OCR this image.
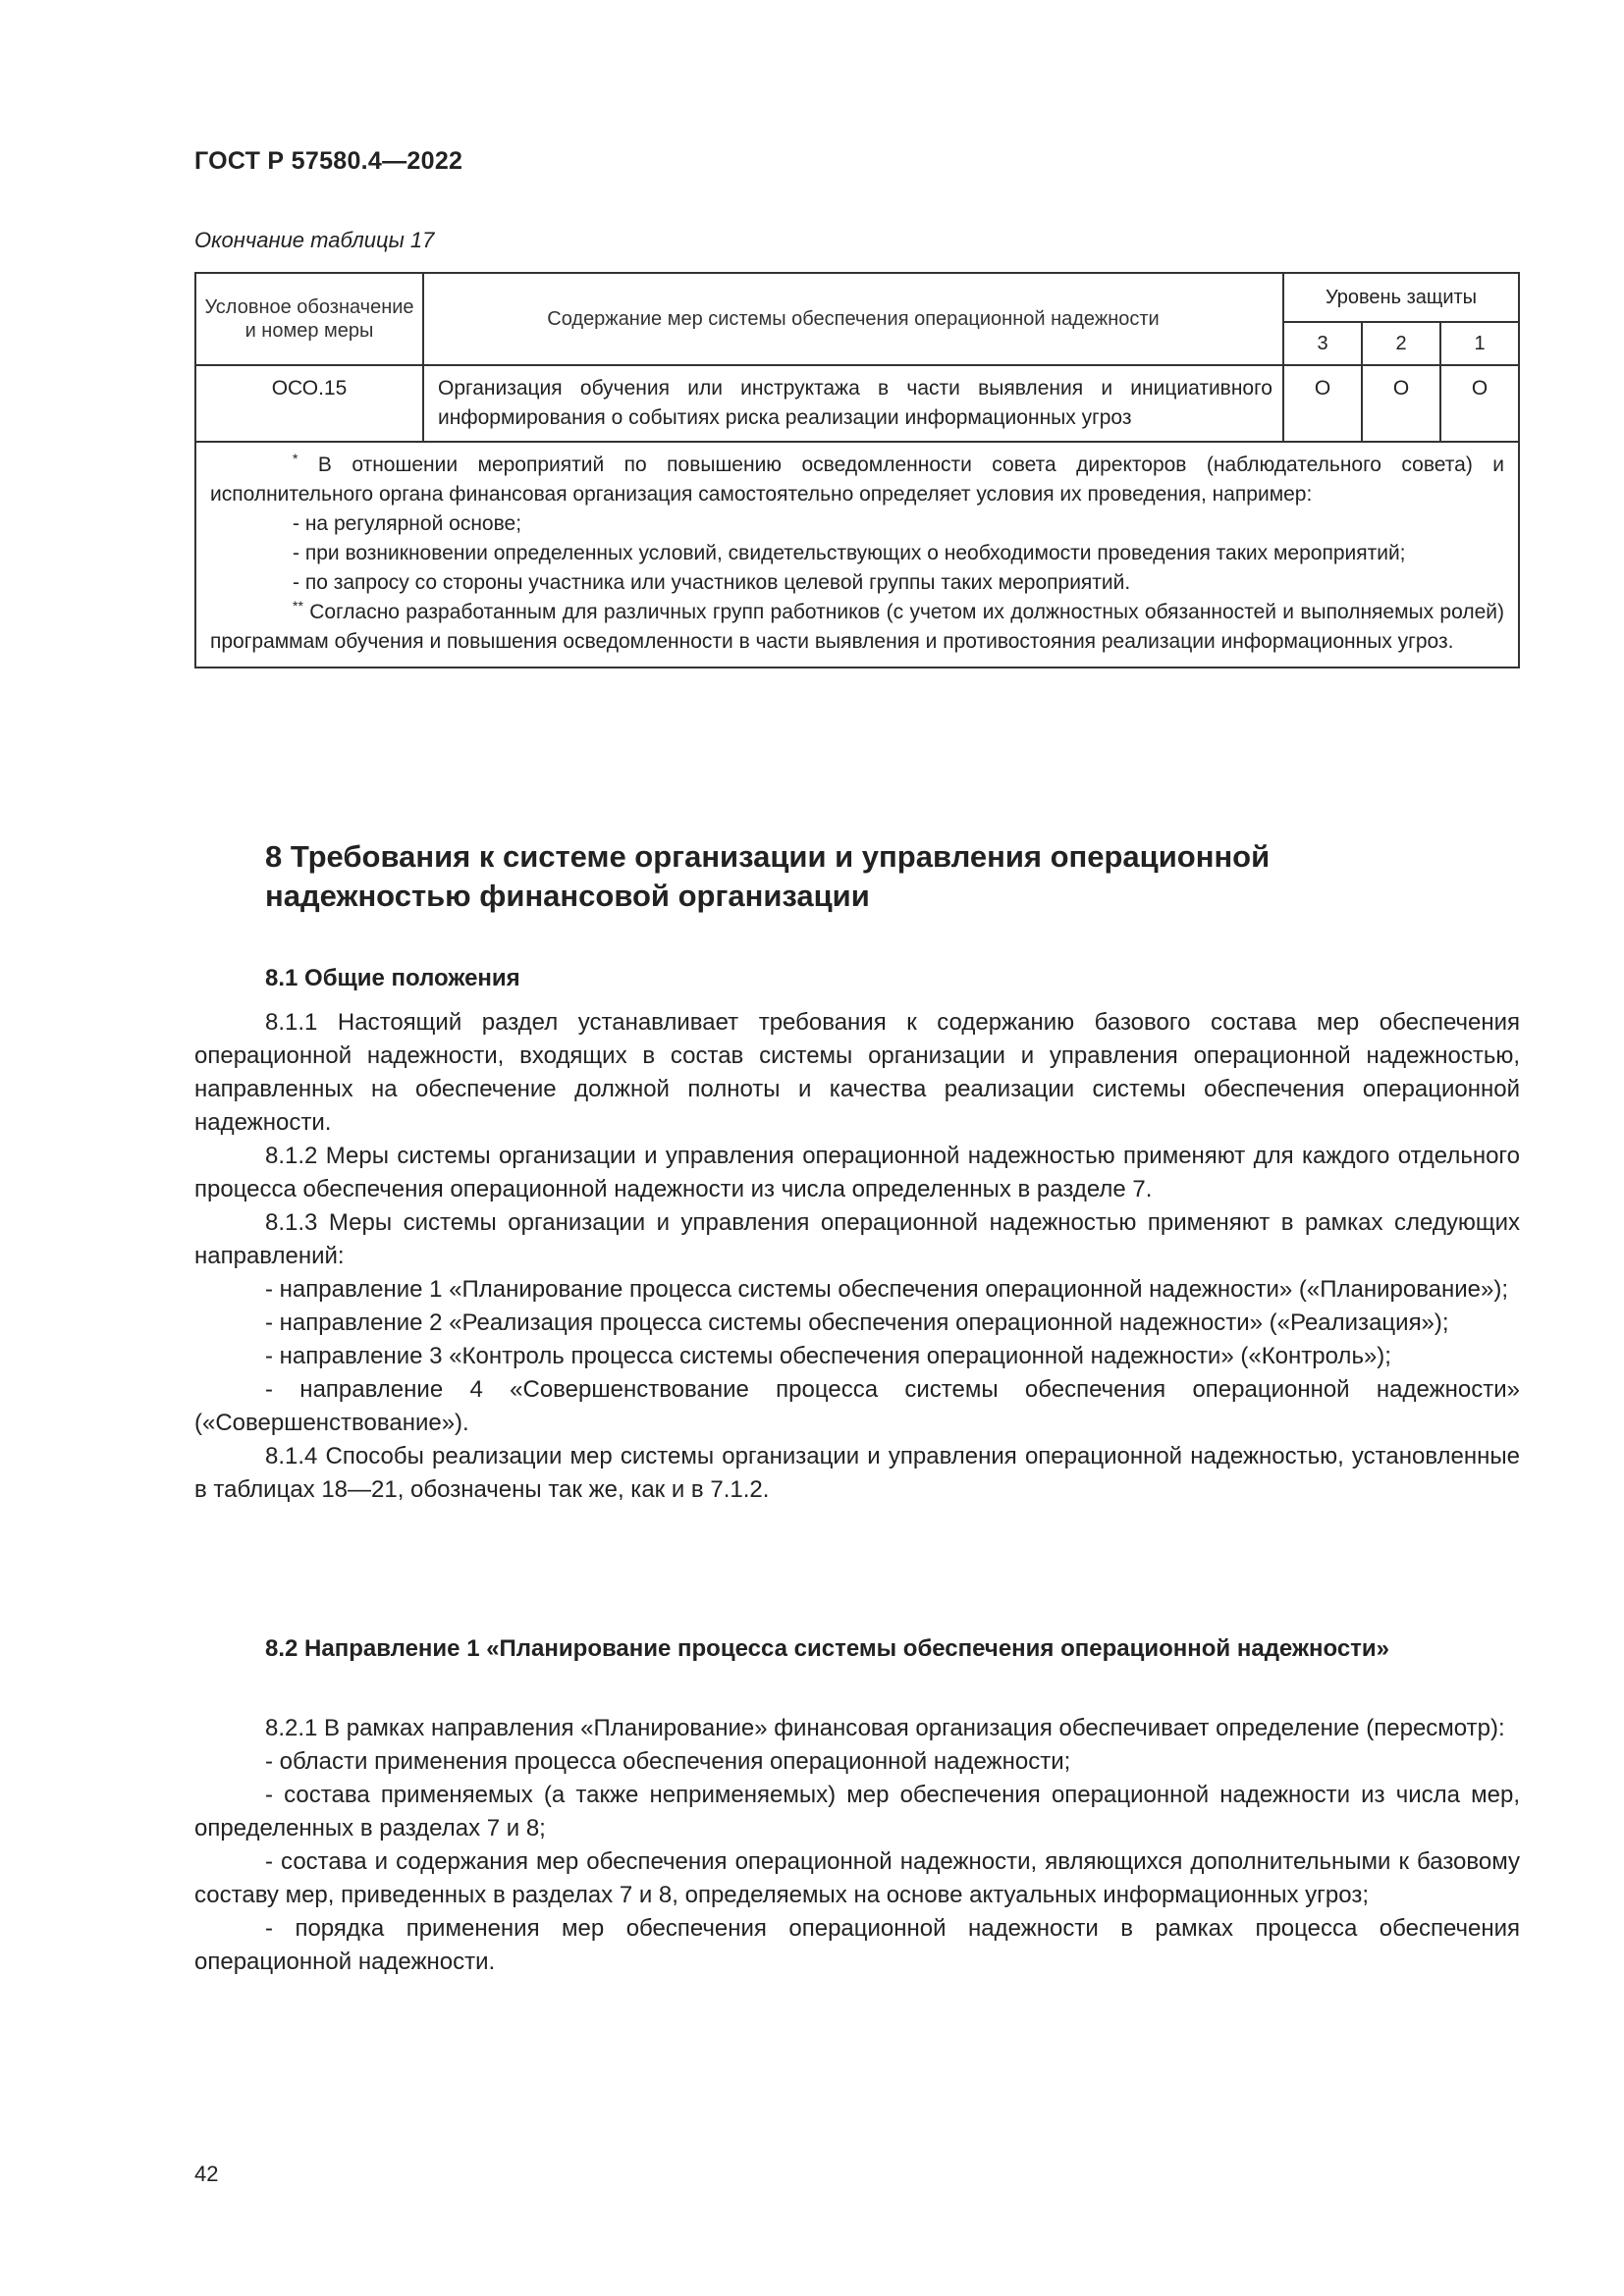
ГОСТ Р 57580.4—2022
Окончание таблицы 17
Условное обозначение и номер меры	Содержание мер системы обеспечения операционной надежности	Уровень защиты		
		3	2	1
ОСО.15	Организация обучения или инструктажа в части выявления и инициативного информирования о событиях риска реализации информационных угроз	О	О	О

* В отношении мероприятий по повышению осведомленности совета директоров (наблюдательного совета) и исполнительного органа финансовая организация самостоятельно определяет условия их проведения, например:

- на регулярной основе;

- при возникновении определенных условий, свидетельствующих о необходимости проведения таких мероприятий;

- по запросу со стороны участника или участников целевой группы таких мероприятий.

** Согласно разработанным для различных групп работников (с учетом их должностных обязанностей и выполняемых ролей) программам обучения и повышения осведомленности в части выявления и противостояния реализации информационных угроз.				

8 Требования к системе организации и управления операционной надежностью финансовой организации
8.1 Общие положения

8.1.1 Настоящий раздел устанавливает требования к содержанию базового состава мер обеспечения операционной надежности, входящих в состав системы организации и управления операционной надежностью, направленных на обеспечение должной полноты и качества реализации системы обеспечения операционной надежности.

8.1.2 Меры системы организации и управления операционной надежностью применяют для каждого отдельного процесса обеспечения операционной надежности из числа определенных в разделе 7.

8.1.3 Меры системы организации и управления операционной надежностью применяют в рамках следующих направлений:

- направление 1 «Планирование процесса системы обеспечения операционной надежности» («Планирование»);

- направление 2 «Реализация процесса системы обеспечения операционной надежности» («Реализация»);

- направление 3 «Контроль процесса системы обеспечения операционной надежности» («Контроль»);

- направление 4 «Совершенствование процесса системы обеспечения операционной надежности» («Совершенствование»).

8.1.4 Способы реализации мер системы организации и управления операционной надежностью, установленные в таблицах 18—21, обозначены так же, как и в 7.1.2.

8.2 Направление 1 «Планирование процесса системы обеспечения операционной надежности»

8.2.1 В рамках направления «Планирование» финансовая организация обеспечивает определение (пересмотр):

- области применения процесса обеспечения операционной надежности;

- состава применяемых (а также неприменяемых) мер обеспечения операционной надежности из числа мер, определенных в разделах 7 и 8;

- состава и содержания мер обеспечения операционной надежности, являющихся дополнительными к базовому составу мер, приведенных в разделах 7 и 8, определяемых на основе актуальных информационных угроз;

- порядка применения мер обеспечения операционной надежности в рамках процесса обеспечения операционной надежности.

42
